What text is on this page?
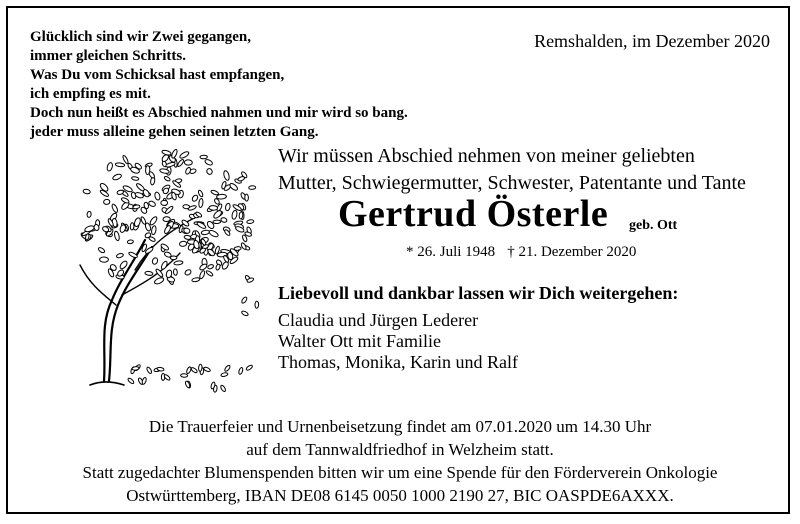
Glücklich sind wir Zwei gegangen,
immer gleichen Schritts.
Was Du vom Schicksal hast empfangen,
ich empfing es mit.
Doch nun heißt es Abschied nahmen und mir wird so bang.
jeder muss alleine gehen seinen letzten Gang.
Remshalden, im Dezember 2020
Wir müssen Abschied nehmen von meiner geliebten
Mutter, Schwiegermutter, Schwester, Patentante und Tante
Gertrud Österle geb. Ott
* 26. Juli 1948 † 21. Dezember 2020
Liebevoll und dankbar lassen wir Dich weitergehen:
Claudia und Jürgen Lederer
Walter Ott mit Familie
Thomas, Monika, Karin und Ralf
Die Trauerfeier und Urnenbeisetzung findet am 07.01.2020 um 14.30 Uhr
auf dem Tannwaldfriedhof in Welzheim statt.
Statt zugedachter Blumenspenden bitten wir um eine Spende für den Förderverein Onkologie
Ostwürttemberg, IBAN DE08 6145 0050 1000 2190 27, BIC OASPDE6AXXX.
